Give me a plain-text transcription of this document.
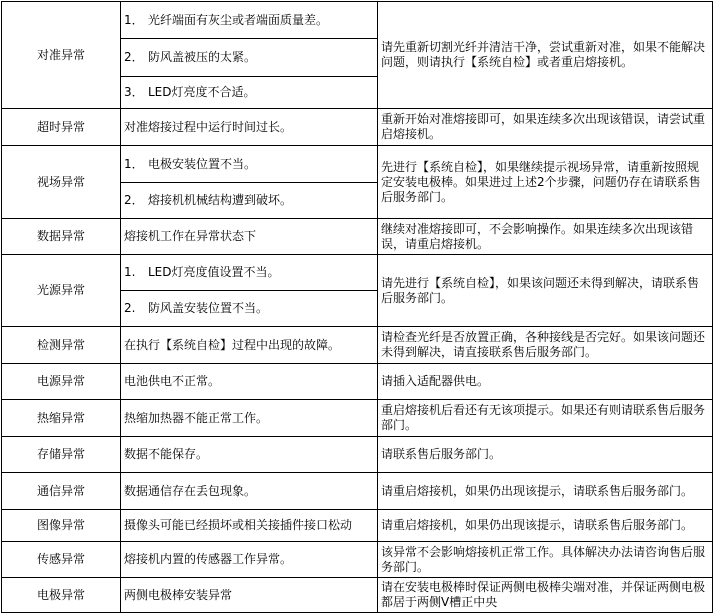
对准异常	1． 光纤端面有灰尘或者端面质量差。	请先重新切割光纤并清洁干净，尝试重新对准，如果不能解决问题，则请执行【系统自检】或者重启熔接机。
	2． 防风盖被压的太紧。	
	3． LED灯亮度不合适。	
超时异常	对准熔接过程中运行时间过长。	重新开始对准熔接即可，如果连续多次出现该错误，请尝试重启熔接机。
视场异常	1． 电极安装位置不当。	先进行【系统自检】，如果继续提示视场异常，请重新按照规定安装电极棒。如果进过上述2个步骤，问题仍存在请联系售后服务部门。
	2． 熔接机机械结构遭到破坏。	
数据异常	熔接机工作在异常状态下	继续对准熔接即可，不会影响操作。如果连续多次出现该错误，请重启熔接机。
光源异常	1. LED灯亮度值设置不当。	请先进行【系统自检】，如果该问题还未得到解决，请联系售后服务部门。
	2. 防风盖安装位置不当。	
检测异常	在执行【系统自检】过程中出现的故障。	请检查光纤是否放置正确，各种接线是否完好。如果该问题还未得到解决，请直接联系售后服务部门。
电源异常	电池供电不正常。	请插入适配器供电。
热缩异常	热缩加热器不能正常工作。	重启熔接机后看还有无该项提示。如果还有则请联系售后服务部门。
存储异常	数据不能保存。	请联系售后服务部门。
通信异常	数据通信存在丢包现象。	请重启熔接机，如果仍出现该提示，请联系售后服务部门。
图像异常	摄像头可能已经损坏或相关接插件接口松动	请重启熔接机，如果仍出现该提示，请联系售后服务部门。
传感异常	熔接机内置的传感器工作异常。	该异常不会影响熔接机正常工作。具体解决办法请咨询售后服务部门。
电极异常	两侧电极棒安装异常	请在安装电极棒时保证两侧电极棒尖端对准，并保证两侧电极都居于两侧V槽正中央
